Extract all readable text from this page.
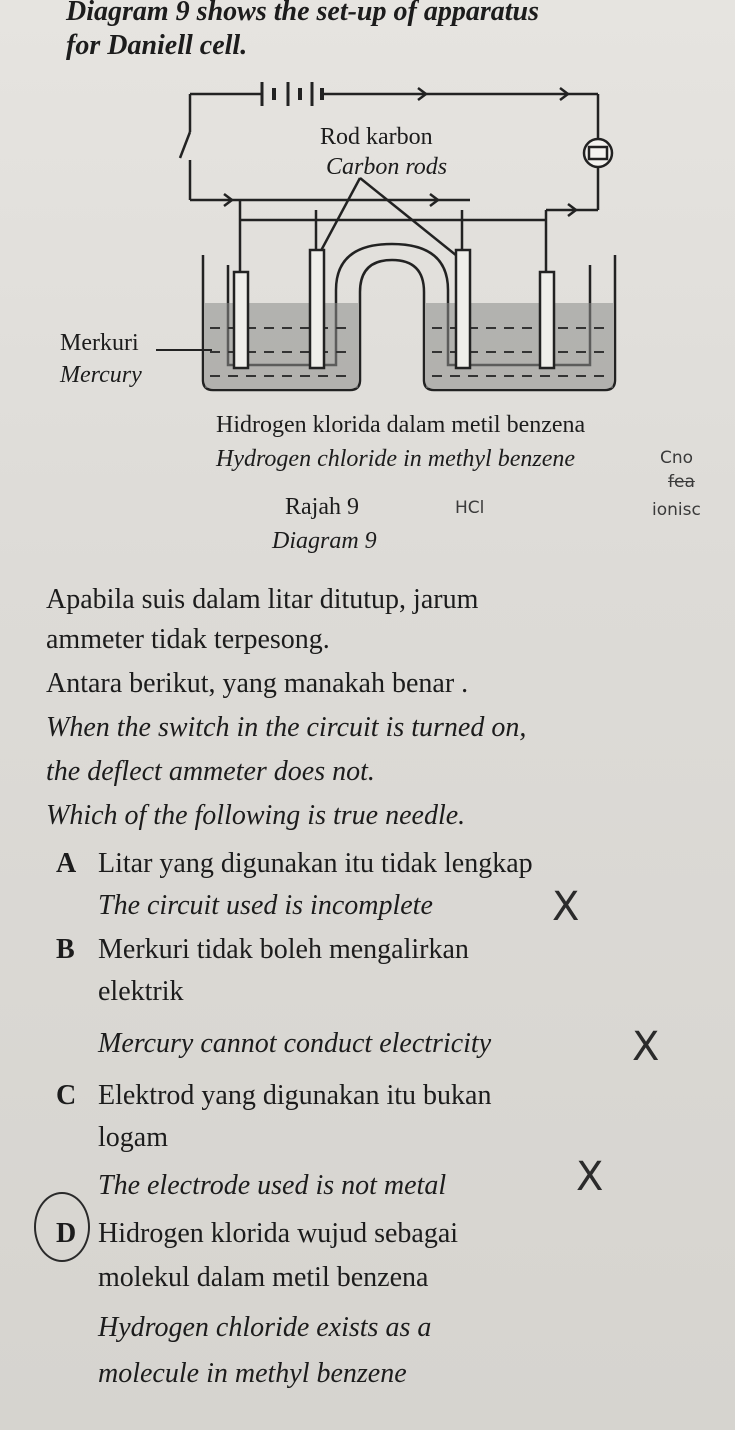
Diagram 9 shows the set-up of apparatus
for Daniell cell.
Rod karbon
Carbon rods
Merkuri
Mercury
Hidrogen klorida dalam metil benzena
Hydrogen chloride in methyl benzene
Rajah 9
Diagram 9
HCl
Cno
fea
ionisc
Apabila suis dalam litar ditutup, jarum
ammeter tidak terpesong.
Antara berikut, yang manakah benar .
When the switch in the circuit is turned on,
the deflect ammeter does not.
Which of the following is true needle.
A Litar yang digunakan itu tidak lengkap
The circuit used is incomplete	X
B Merkuri tidak boleh mengalirkan
elektrik
Mercury cannot conduct electricity	X
C Elektrod yang digunakan itu bukan
logam
The electrode used is not metal	X
D Hidrogen klorida wujud sebagai
molekul dalam metil benzena
Hydrogen chloride exists as a
molecule in methyl benzene
